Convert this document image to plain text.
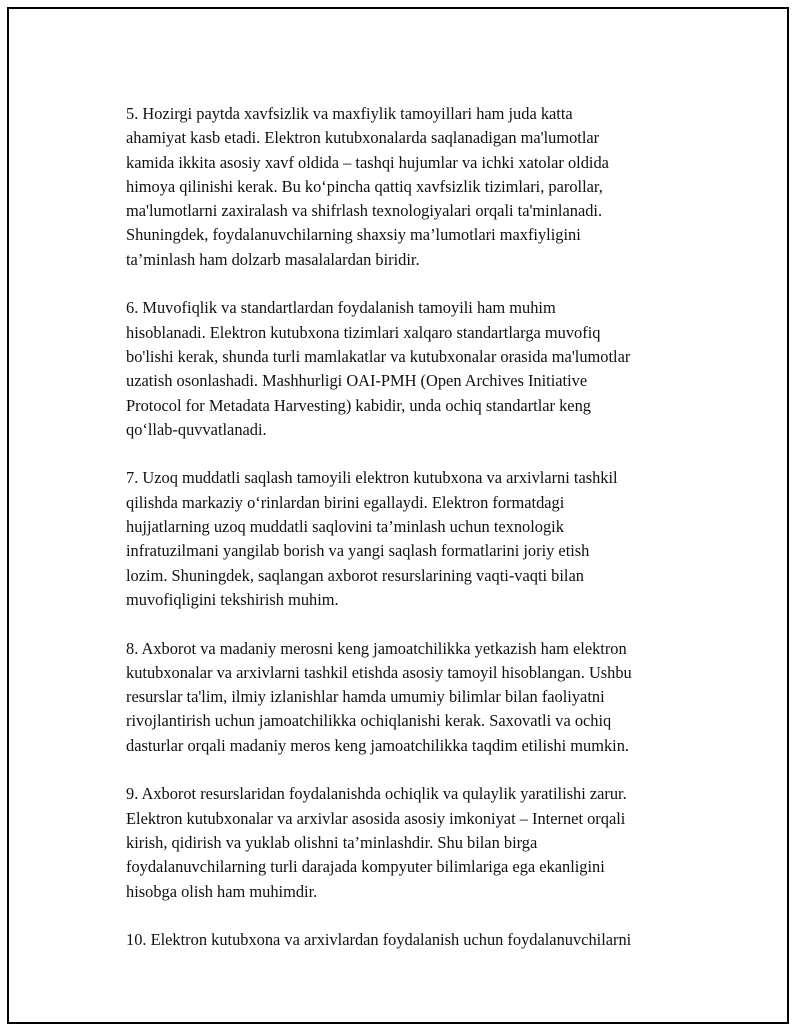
5. Hozirgi paytda xavfsizlik va maxfiylik tamoyillari ham juda katta
ahamiyat kasb etadi. Elektron kutubxonalarda saqlanadigan ma'lumotlar
kamida ikkita asosiy xavf oldida – tashqi hujumlar va ichki xatolar oldida
himoya qilinishi kerak. Bu ko‘pincha qattiq xavfsizlik tizimlari, parollar,
ma'lumotlarni zaxiralash va shifrlash texnologiyalari orqali ta'minlanadi.
Shuningdek, foydalanuvchilarning shaxsiy ma’lumotlari maxfiyligini
ta’minlash ham dolzarb masalalardan biridir.

6. Muvofiqlik va standartlardan foydalanish tamoyili ham muhim
hisoblanadi. Elektron kutubxona tizimlari xalqaro standartlarga muvofiq
bo'lishi kerak, shunda turli mamlakatlar va kutubxonalar orasida ma'lumotlar
uzatish osonlashadi. Mashhurligi OAI-PMH (Open Archives Initiative
Protocol for Metadata Harvesting) kabidir, unda ochiq standartlar keng
qo‘llab-quvvatlanadi.

7. Uzoq muddatli saqlash tamoyili elektron kutubxona va arxivlarni tashkil
qilishda markaziy o‘rinlardan birini egallaydi. Elektron formatdagi
hujjatlarning uzoq muddatli saqlovini ta’minlash uchun texnologik
infratuzilmani yangilab borish va yangi saqlash formatlarini joriy etish
lozim. Shuningdek, saqlangan axborot resurslarining vaqti-vaqti bilan
muvofiqligini tekshirish muhim.

8. Axborot va madaniy merosni keng jamoatchilikka yetkazish ham elektron
kutubxonalar va arxivlarni tashkil etishda asosiy tamoyil hisoblangan. Ushbu
resurslar ta'lim, ilmiy izlanishlar hamda umumiy bilimlar bilan faoliyatni
rivojlantirish uchun jamoatchilikka ochiqlanishi kerak. Saxovatli va ochiq
dasturlar orqali madaniy meros keng jamoatchilikka taqdim etilishi mumkin.

9. Axborot resurslaridan foydalanishda ochiqlik va qulaylik yaratilishi zarur.
Elektron kutubxonalar va arxivlar asosida asosiy imkoniyat – Internet orqali
kirish, qidirish va yuklab olishni ta’minlashdir. Shu bilan birga
foydalanuvchilarning turli darajada kompyuter bilimlariga ega ekanligini
hisobga olish ham muhimdir.

10. Elektron kutubxona va arxivlardan foydalanish uchun foydalanuvchilarni
